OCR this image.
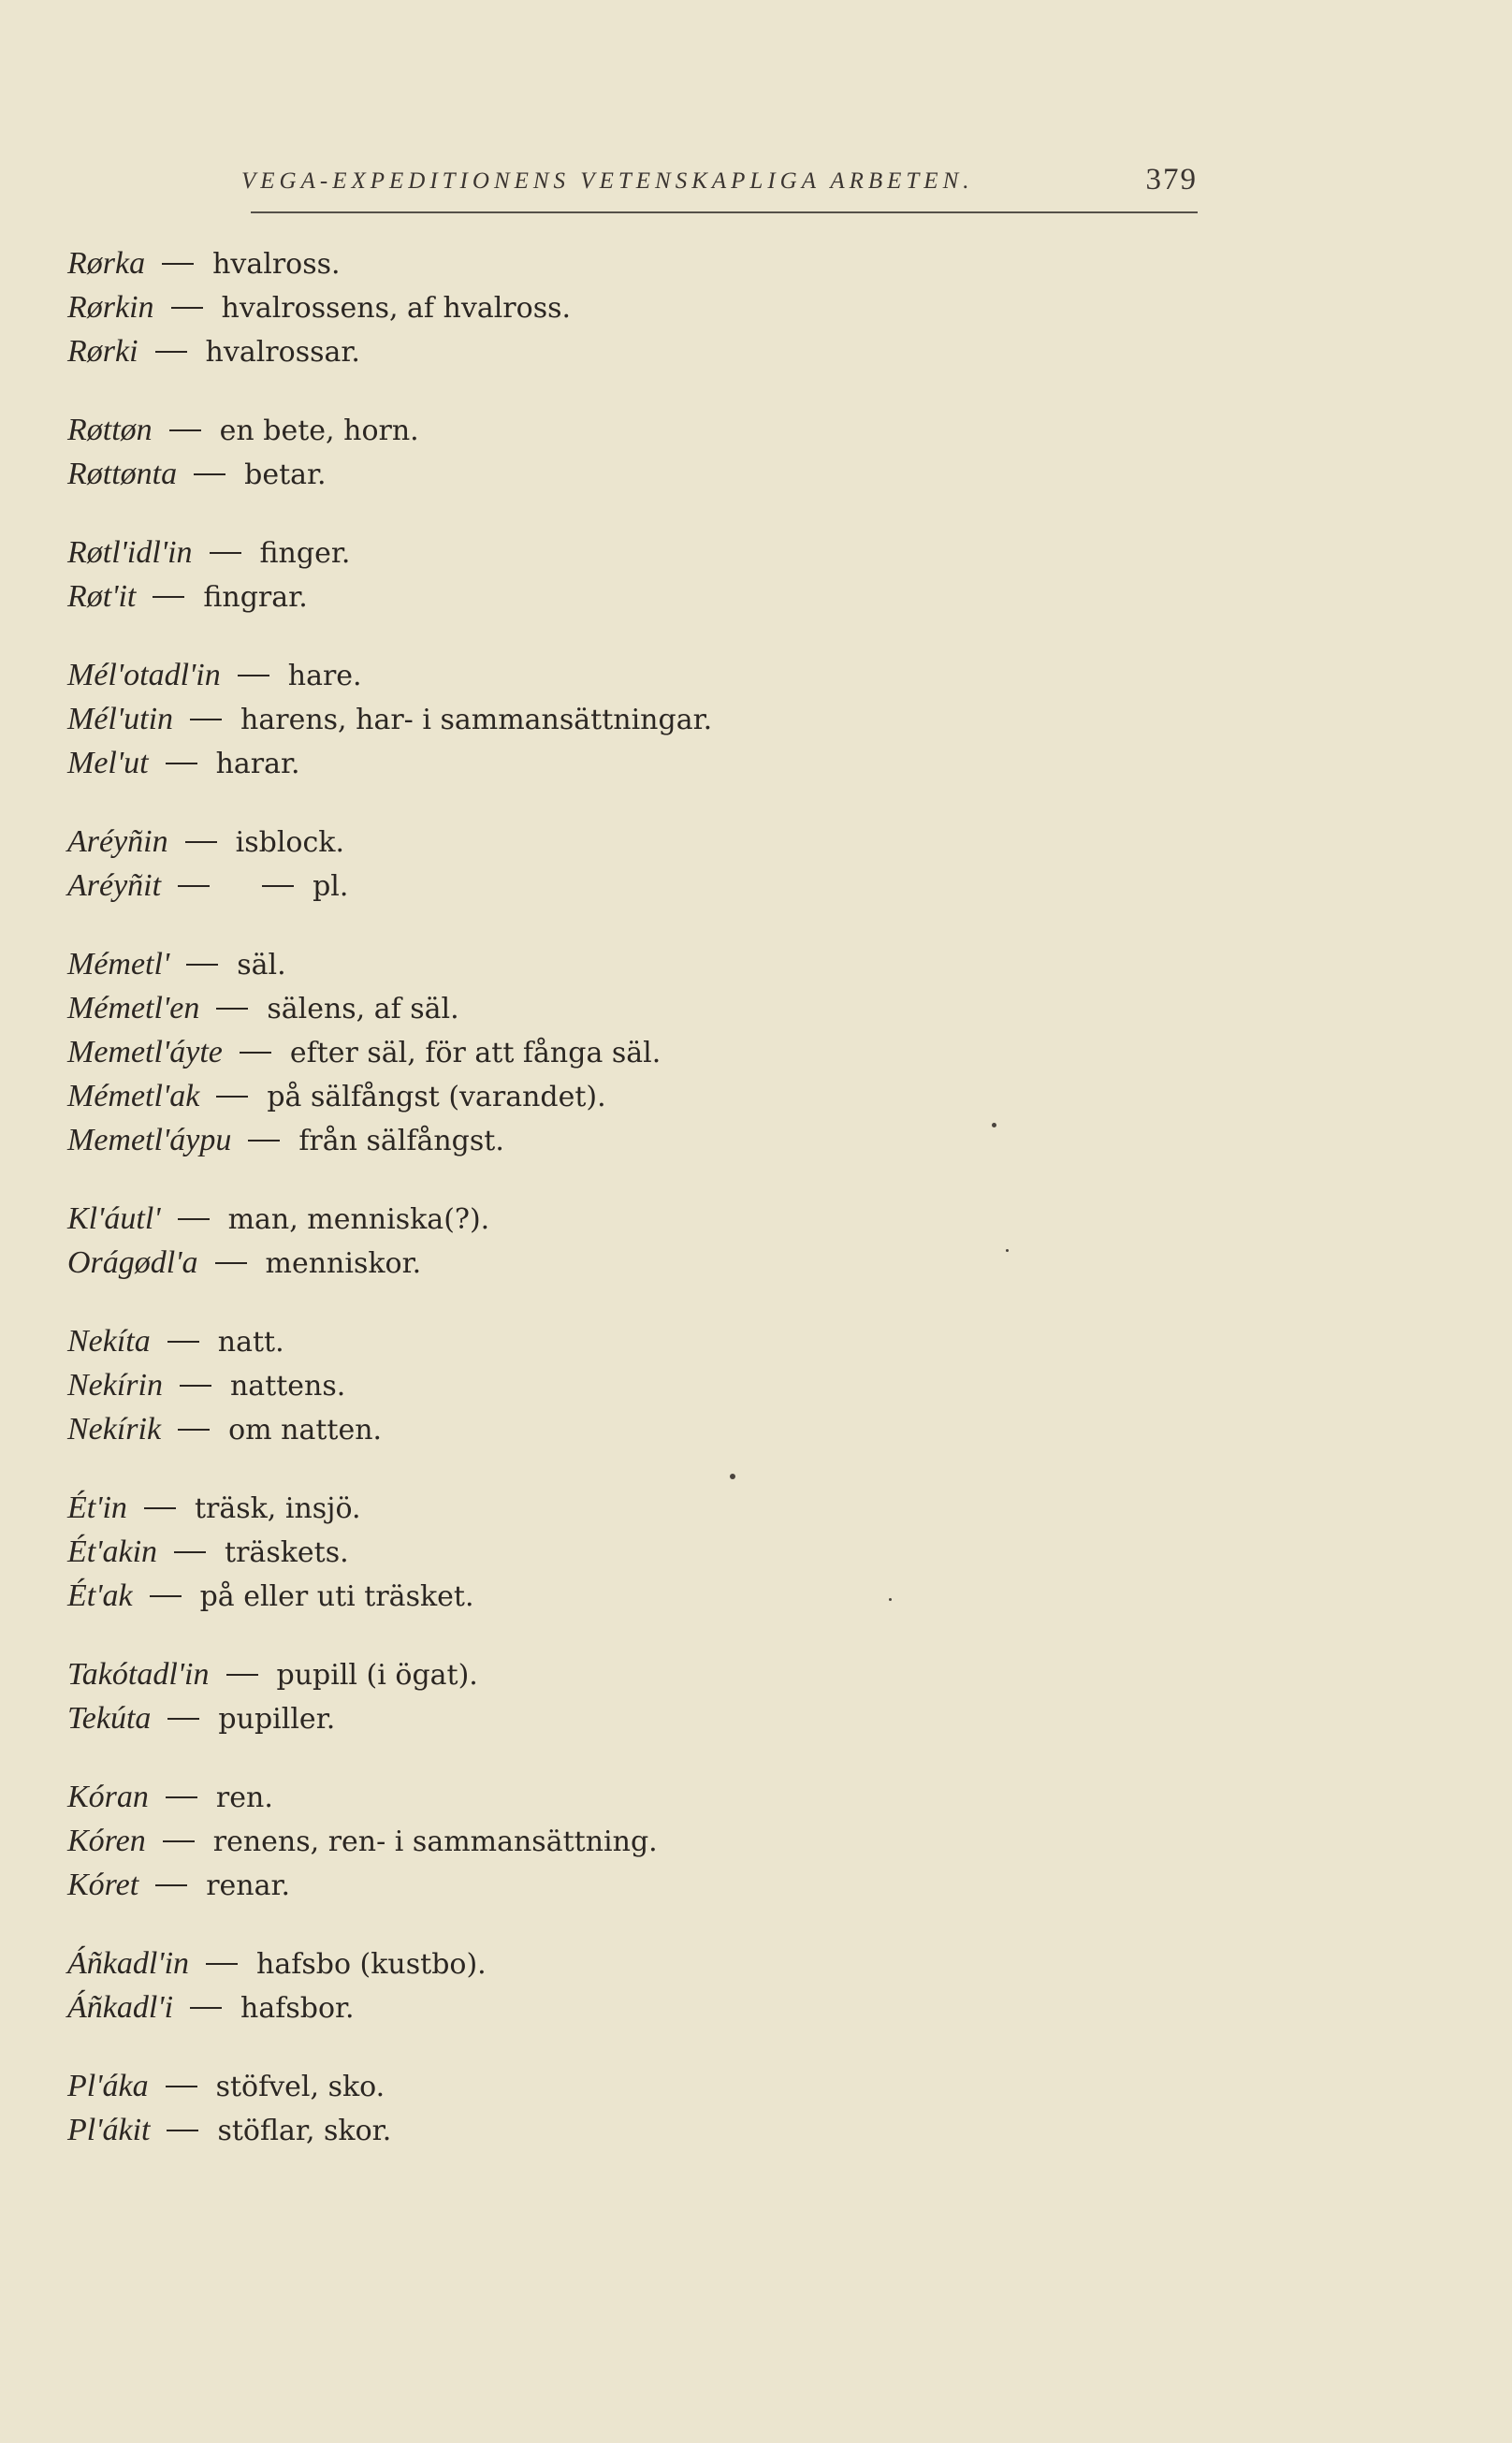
VEGA-EXPEDITIONENS VETENSKAPLIGA ARBETEN.	379
Rørka hvalross.
Rørkin hvalrossens, af hvalross.
Rørki hvalrossar.
Røttøn en bete, horn.
Røttønta betar.
Røtl'idl'in finger.
Røt'it fingrar.
Mél'otadl'in hare.
Mél'utin harens, har- i sammansättningar.
Mel'ut harar.
Aréyñin isblock.
Aréyñit	pl.
Mémetl' säl.
Mémetl'en sälens, af säl.
Memetl'áyte efter säl, för att fånga säl.
Mémetl'ak på sälfångst (varandet).
Memetl'áypu från sälfångst.
Kl'áutl' man, menniska(?).
Orágødl'a menniskor.
Nekíta natt.
Nekírin nattens.
Nekírik om natten.
Ét'in träsk, insjö.
Ét'akin träskets.
Ét'ak på eller uti träsket.
Takótadl'in pupill (i ögat).
Tekúta pupiller.
Kóran ren.
Kóren renens, ren- i sammansättning.
Kóret renar.
Áñkadl'in hafsbo (kustbo).
Áñkadl'i hafsbor.
Pl'áka stöfvel, sko.
Pl'ákit stöflar, skor.
